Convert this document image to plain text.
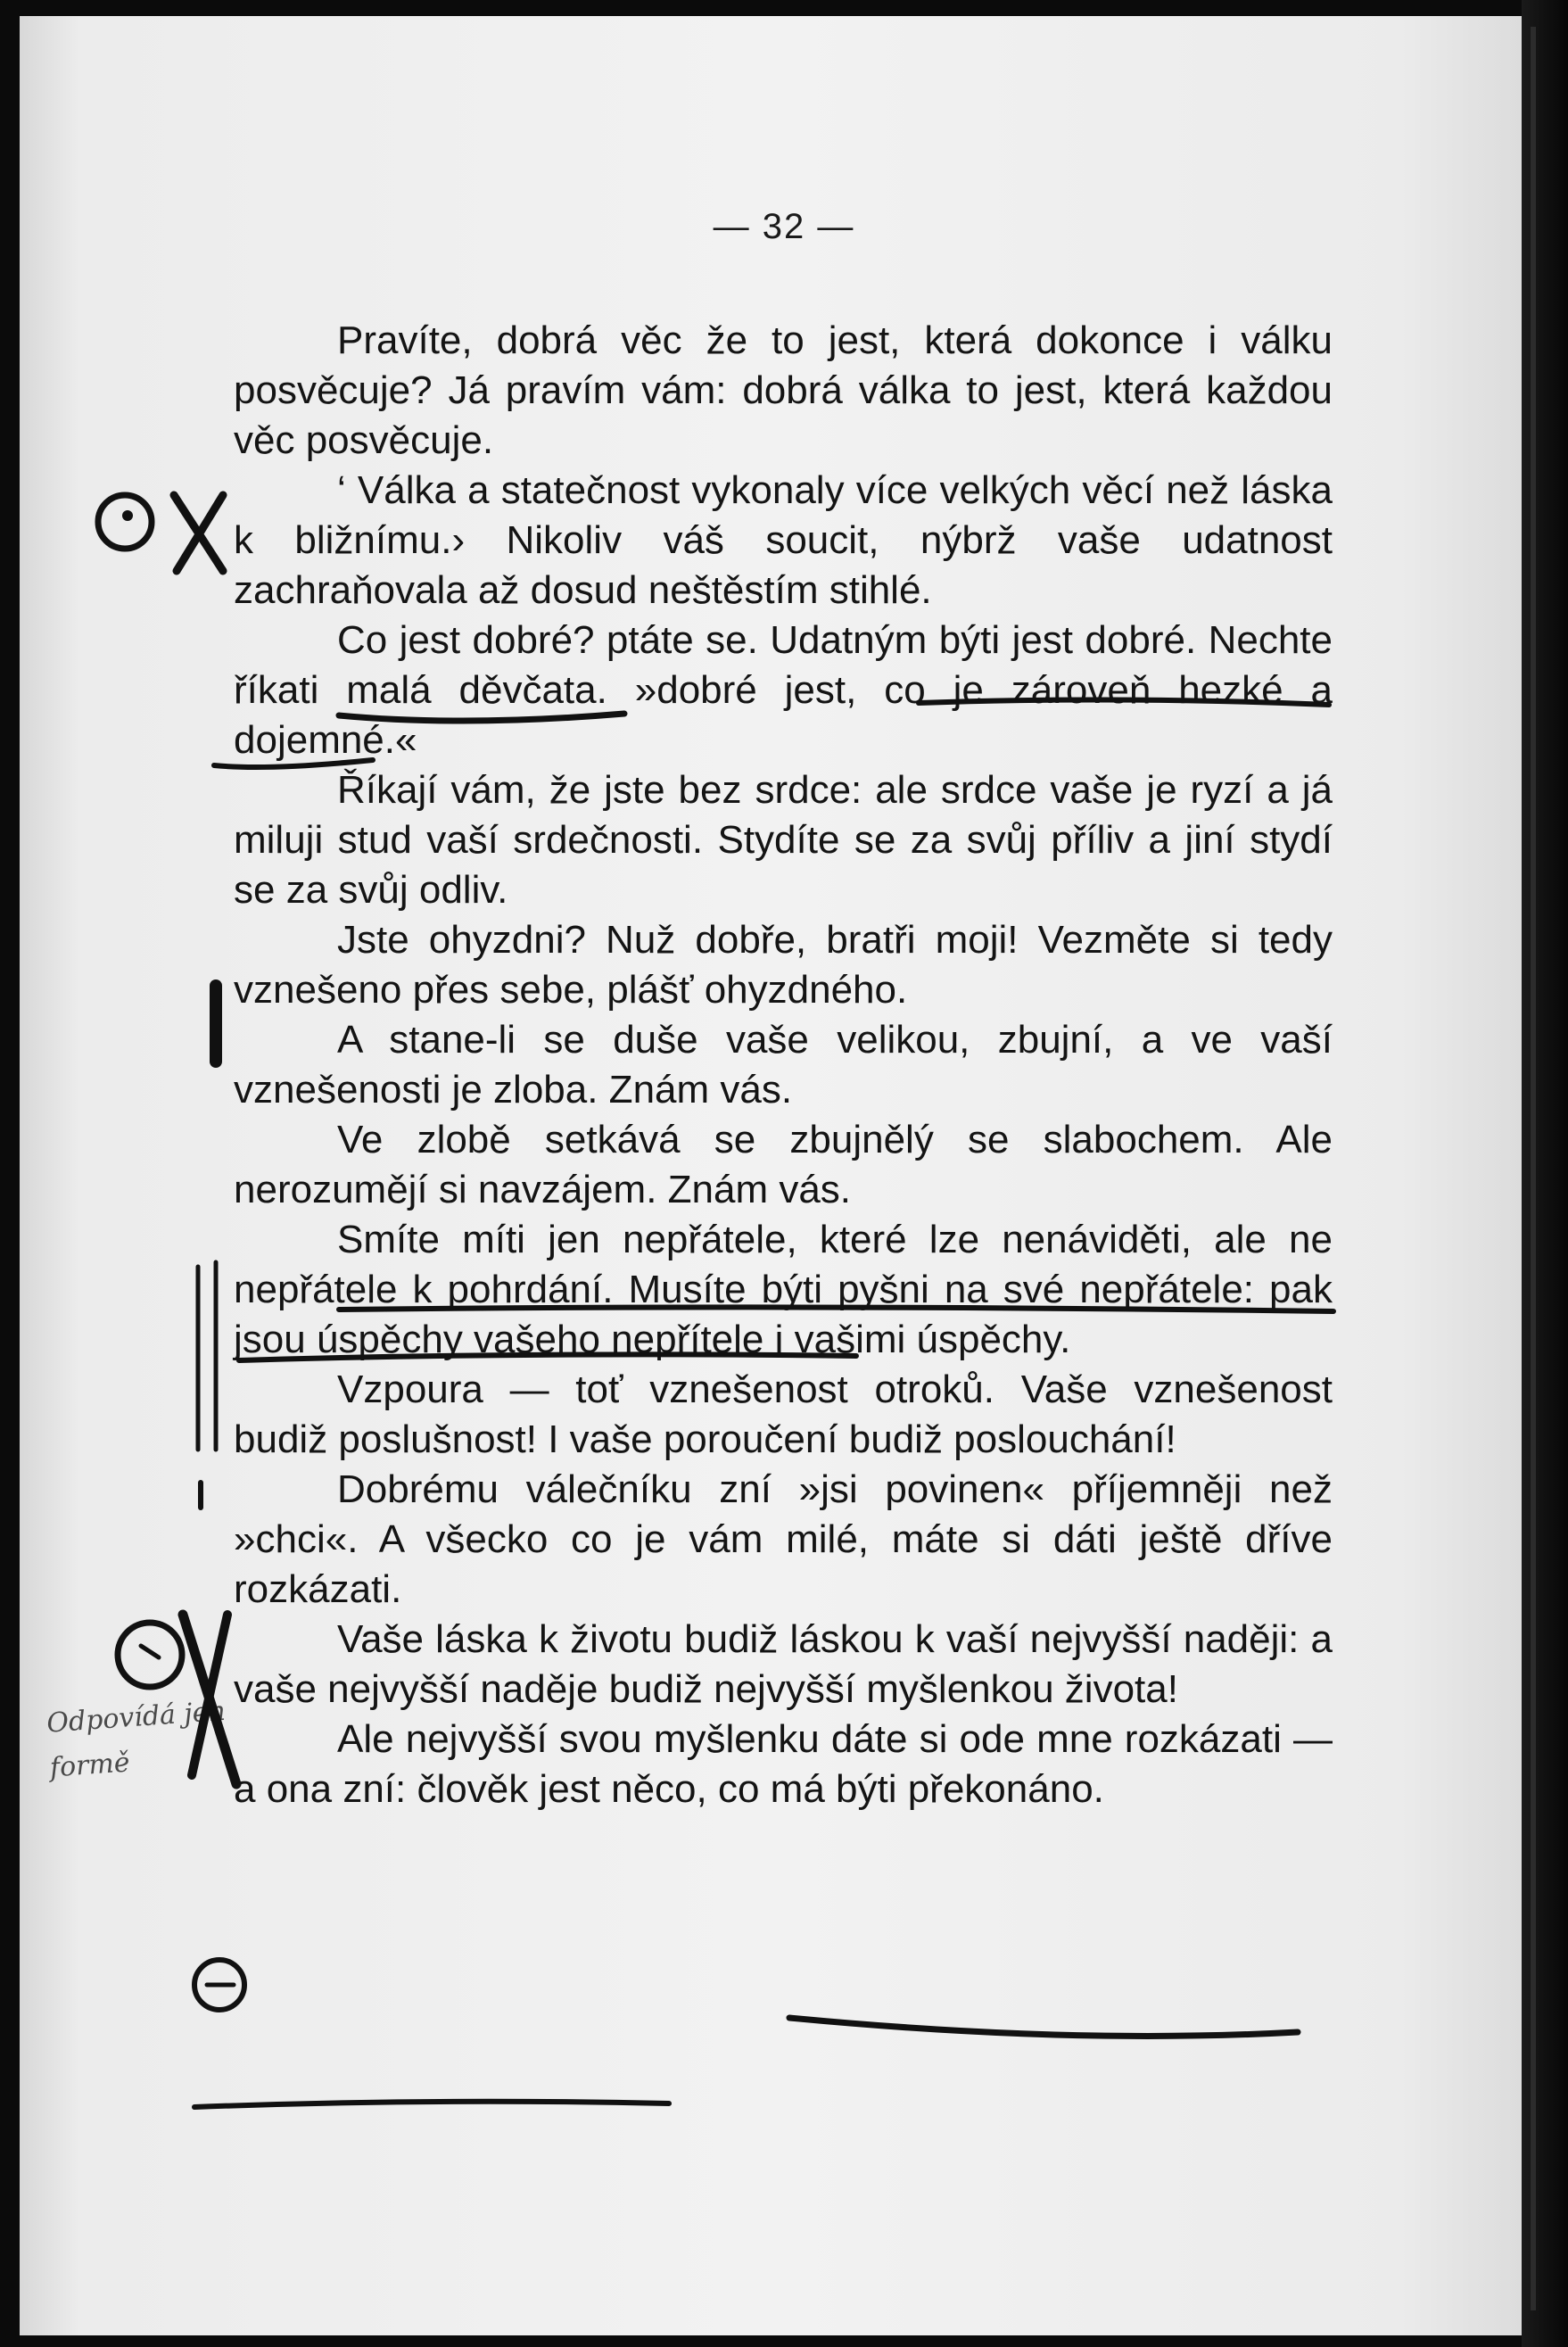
— 32 —

Pravíte, dobrá věc že to jest, která dokonce i válku posvěcuje? Já pravím vám: dobrá válka to jest, která každou věc posvěcuje.

‘ Válka a statečnost vykonaly více velkých věcí než láska k bližnímu.› Nikoliv váš soucit, nýbrž vaše udatnost zachraňovala až dosud neštěstím stihlé.

Co jest dobré? ptáte se. Udatným býti jest dobré. Nechte říkati malá děvčata. »dobré jest, co je zároveň hezké a dojemné.«

Říkají vám, že jste bez srdce: ale srdce vaše je ryzí a já miluji stud vaší srdečnosti. Stydíte se za svůj příliv a jiní stydí se za svůj odliv.

Jste ohyzdni? Nuž dobře, bratři moji! Vezměte si tedy vznešeno přes sebe, plášť ohyzdného.

A stane-li se duše vaše velikou, zbujní, a ve vaší vznešenosti je zloba. Znám vás.

Ve zlobě setkává se zbujnělý se slabochem. Ale nerozumějí si navzájem. Znám vás.

Smíte míti jen nepřátele, které lze nenáviděti, ale ne nepřátele k pohrdání. Musíte býti pyšni na své nepřátele: pak jsou úspěchy vašeho nepřítele i vašimi úspěchy.

Vzpoura — toť vznešenost otroků. Vaše vznešenost budiž poslušnost! I vaše poroučení budiž poslouchání!

Dobrému válečníku zní »jsi povinen« příjemněji než »chci«. A všecko co je vám milé, máte si dáti ještě dříve rozkázati.

Vaše láska k životu budiž láskou k vaší nejvyšší naději: a vaše nejvyšší naděje budiž nejvyšší myšlenkou života!

Ale nejvyšší svou myšlenku dáte si ode mne rozkázati — a ona zní: člověk jest něco, co má býti překonáno.

Odpovídá jen formě
